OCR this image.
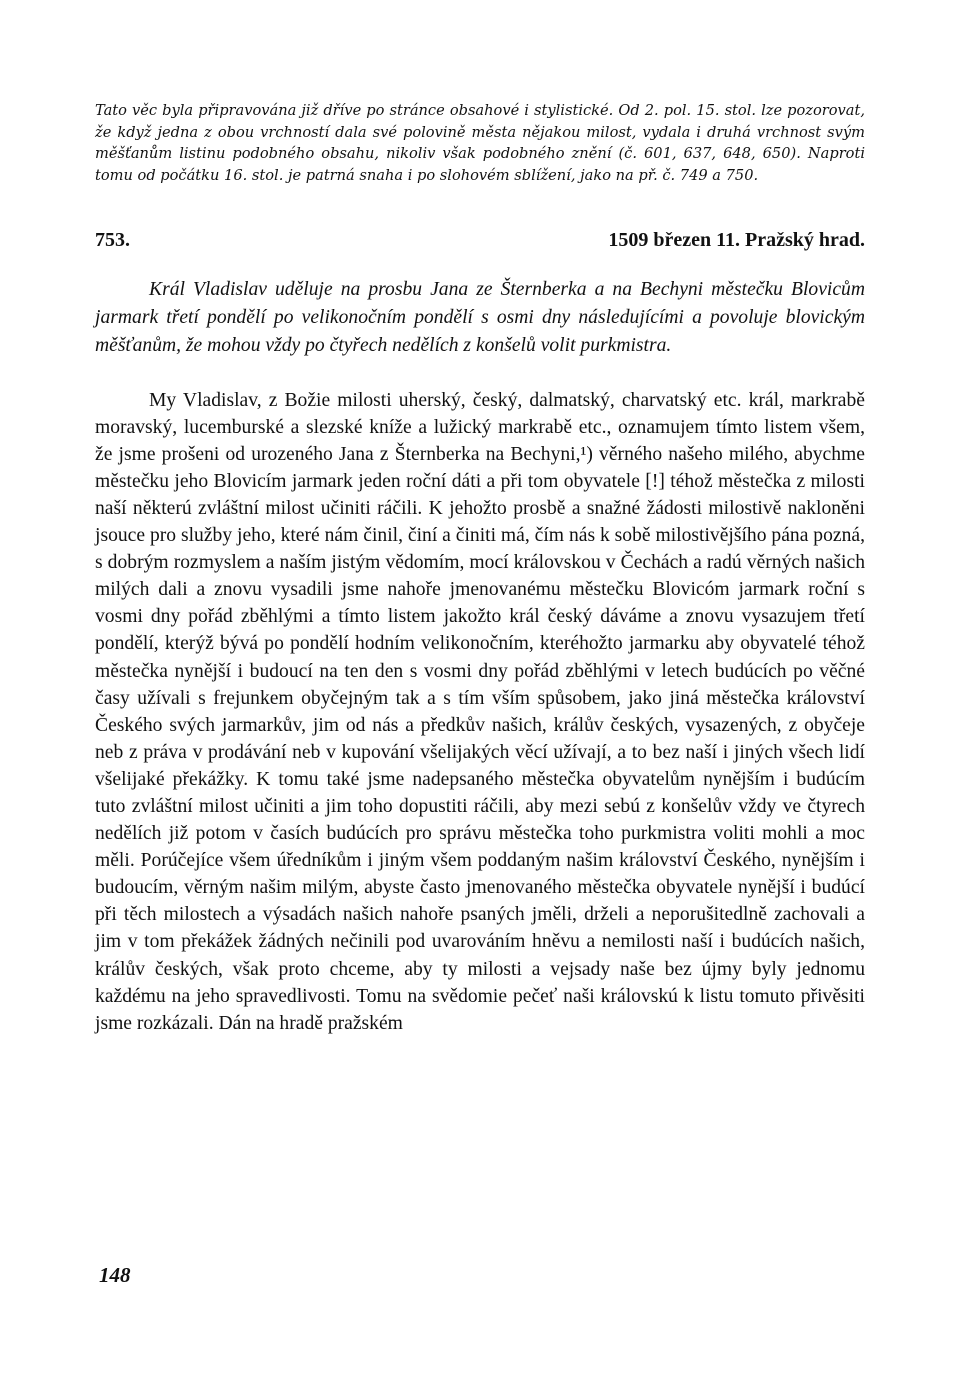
Tato věc byla připravována již dříve po stránce obsahové i stylistické. Od 2. pol. 15. stol. lze pozorovat, že když jedna z obou vrchností dala své polovině města nějakou milost, vydala i druhá vrchnost svým měšťanům listinu podobného obsahu, nikoliv však podobného znění (č. 601, 637, 648, 650). Naproti tomu od počátku 16. stol. je patrná snaha i po slohovém sblížení, jako na př. č. 749 a 750.

753.	1509 březen 11. Pražský hrad.

Král Vladislav uděluje na prosbu Jana ze Šternberka a na Bechyni městečku Blovicům jarmark třetí pondělí po velikonočním pondělí s osmi dny následujícími a povoluje blovickým měšťanům, že mohou vždy po čtyřech nedělích z konšelů volit purkmistra.

My Vladislav, z Božie milosti uherský, český, dalmatský, charvatský etc. král, markrabě moravský, lucemburské a slezské kníže a lužický markrabě etc., oznamujem tímto listem všem, že jsme prošeni od urozeného Jana z Šternberka na Bechyni,¹) věrného našeho milého, abychme městečku jeho Blovicím jarmark jeden roční dáti a při tom obyvatele [!] téhož městečka z milosti naší některú zvláštní milost učiniti ráčili. K jehožto prosbě a snažné žádosti milostivě nakloněni jsouce pro služby jeho, které nám činil, činí a činiti má, čím nás k sobě milostivějšího pána pozná, s dobrým rozmyslem a naším jistým vědomím, mocí královskou v Čechách a radú věrných našich milých dali a znovu vysadili jsme nahoře jmenovanému městečku Blovicóm jarmark roční s vosmi dny pořád zběhlými a tímto listem jakožto král český dáváme a znovu vysazujem třetí pondělí, kterýž bývá po pondělí hodním velikonočním, kteréhožto jarmarku aby obyvatelé téhož městečka nynější i budoucí na ten den s vosmi dny pořád zběhlými v letech budúcích po věčné časy užívali s frejunkem obyčejným tak a s tím vším spůsobem, jako jiná městečka království Českého svých jarmarkův, jim od nás a předkův našich, králův českých, vysazených, z obyčeje neb z práva v prodávání neb v kupování všelijakých věcí užívají, a to bez naší i jiných všech lidí všelijaké překážky. K tomu také jsme nadepsaného městečka obyvatelům nynějším i budúcím tuto zvláštní milost učiniti a jim toho dopustiti ráčili, aby mezi sebú z konšelův vždy ve čtyrech nedělích již potom v časích budúcích pro správu městečka toho purkmistra voliti mohli a moc měli. Porúčejíce všem úředníkům i jiným všem poddaným našim království Českého, nynějším i budoucím, věrným našim milým, abyste často jmenovaného městečka obyvatele nynější i budúcí při těch milostech a výsadách našich nahoře psaných jměli, drželi a neporušitedlně zachovali a jim v tom překážek žádných nečinili pod uvarováním hněvu a nemilosti naší i budúcích našich, králův českých, však proto chceme, aby ty milosti a vejsady naše bez újmy byly jednomu každému na jeho spravedlivosti. Tomu na svědomie pečeť naši královskú k listu tomuto přivěsiti jsme rozkázali. Dán na hradě pražském

148
